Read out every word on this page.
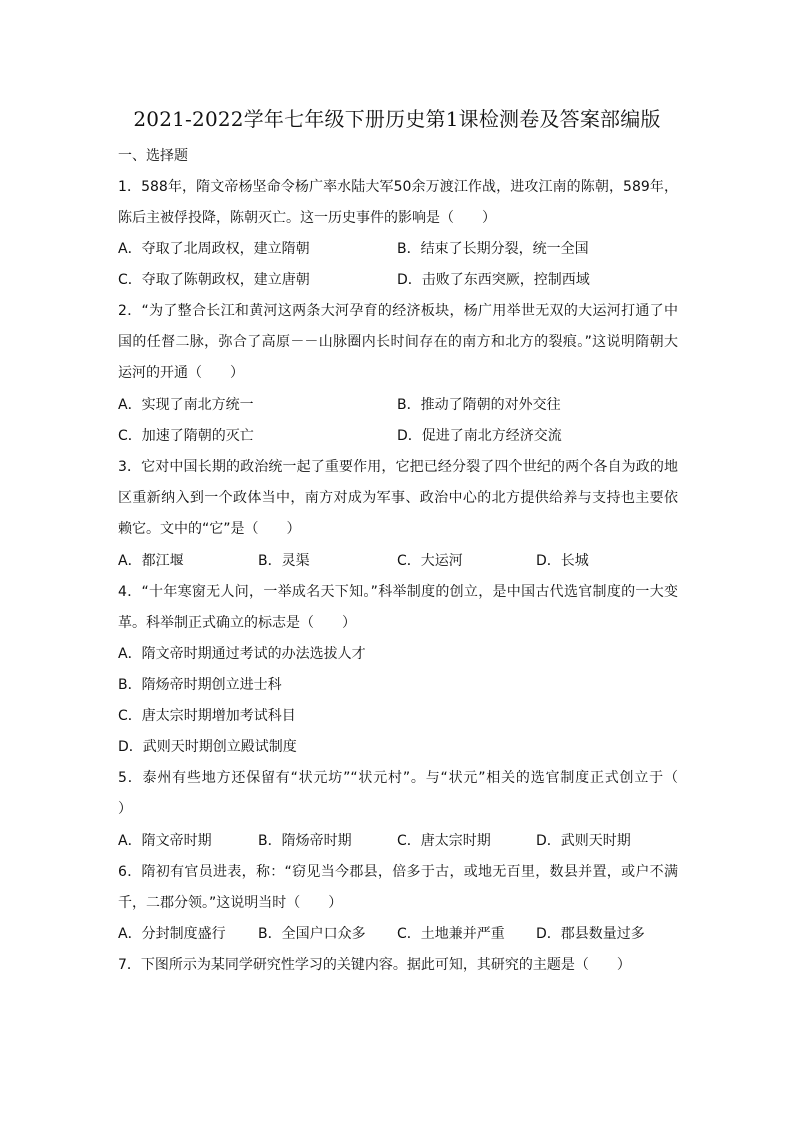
2021-2022学年七年级下册历史第1课检测卷及答案部编版
一、选择题
1．588年，隋文帝杨坚命令杨广率水陆大军50余万渡江作战，进攻江南的陈朝，589年，
陈后主被俘投降，陈朝灭亡。这一历史事件的影响是（　　）
A．夺取了北周政权，建立隋朝	B．结束了长期分裂，统一全国
C．夺取了陈朝政权，建立唐朝	D．击败了东西突厥，控制西域
2．“为了整合长江和黄河这两条大河孕育的经济板块，杨广用举世无双的大运河打通了中
国的任督二脉，弥合了高原－－山脉圈内长时间存在的南方和北方的裂痕。”这说明隋朝大
运河的开通（　　）
A．实现了南北方统一	B．推动了隋朝的对外交往
C．加速了隋朝的灭亡	D．促进了南北方经济交流
3．它对中国长期的政治统一起了重要作用，它把已经分裂了四个世纪的两个各自为政的地
区重新纳入到一个政体当中，南方对成为军事、政治中心的北方提供给养与支持也主要依
赖它。文中的“它”是（　　）
A．都江堰	B．灵渠	C．大运河	D．长城
4．“十年寒窗无人问，一举成名天下知。”科举制度的创立，是中国古代选官制度的一大变
革。科举制正式确立的标志是（　　）
A．隋文帝时期通过考试的办法选拔人才
B．隋炀帝时期创立进士科
C．唐太宗时期增加考试科目
D．武则天时期创立殿试制度
5．泰州有些地方还保留有“状元坊”“状元村”。与“状元”相关的选官制度正式创立于（
）
A．隋文帝时期	B．隋炀帝时期	C．唐太宗时期	D．武则天时期
6．隋初有官员进表，称：“窃见当今郡县，倍多于古，或地无百里，数县并置，或户不满
千，二郡分领。”这说明当时（　　）
A．分封制度盛行 B．全国户口众多 C．土地兼并严重 D．郡县数量过多
7．下图所示为某同学研究性学习的关键内容。据此可知，其研究的主题是（　　）
